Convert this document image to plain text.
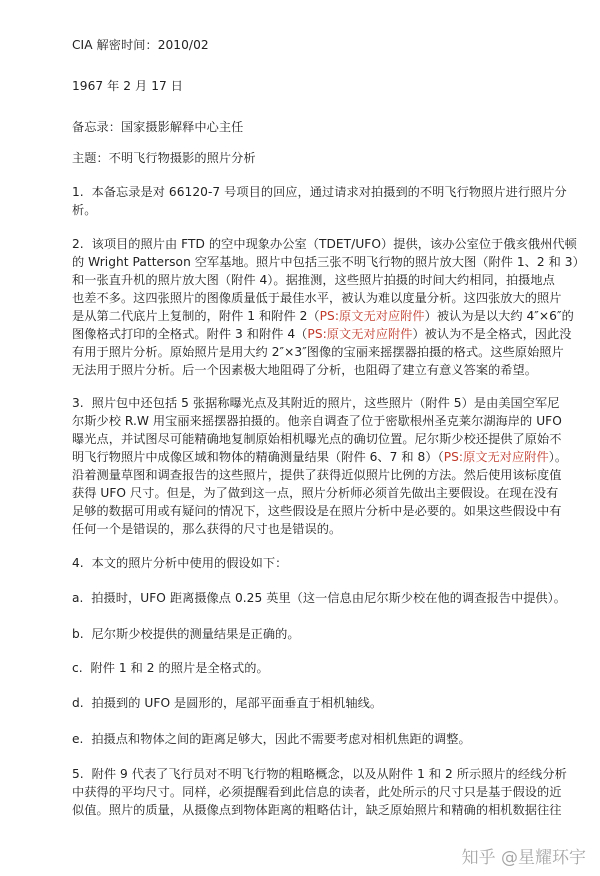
CIA 解密时间：2010/02
1967 年 2 月 17 日
备忘录：国家摄影解释中心主任
主题：不明飞行物摄影的照片分析
1.  本备忘录是对 66120-7 号项目的回应，通过请求对拍摄到的不明飞行物照片进行照片分
析。
2.  该项目的照片由 FTD 的空中现象办公室（TDET/UFO）提供，该办公室位于俄亥俄州代顿
的 Wright Patterson 空军基地。照片中包括三张不明飞行物的照片放大图（附件 1、2 和 3）
和一张直升机的照片放大图（附件 4）。据推测，这些照片拍摄的时间大约相同，拍摄地点
也差不多。这四张照片的图像质量低于最佳水平，被认为难以度量分析。这四张放大的照片
是从第二代底片上复制的，附件 1 和附件 2（PS:原文无对应附件）被认为是以大约 4″×6″的
图像格式打印的全格式。附件 3 和附件 4（PS:原文无对应附件）被认为不是全格式，因此没
有用于照片分析。原始照片是用大约 2″×3″图像的宝丽来摇摆器拍摄的格式。这些原始照片
无法用于照片分析。后一个因素极大地阻碍了分析，也阻碍了建立有意义答案的希望。
3.  照片包中还包括 5 张据称曝光点及其附近的照片，这些照片（附件 5）是由美国空军尼
尔斯少校 R.W 用宝丽来摇摆器拍摄的。他亲自调查了位于密歇根州圣克莱尔湖海岸的 UFO
曝光点，并试图尽可能精确地复制原始相机曝光点的确切位置。尼尔斯少校还提供了原始不
明飞行物照片中成像区域和物体的精确测量结果（附件 6、7 和 8）（PS:原文无对应附件）。
沿着测量草图和调查报告的这些照片，提供了获得近似照片比例的方法。然后使用该标度值
获得 UFO 尺寸。但是，为了做到这一点，照片分析师必须首先做出主要假设。在现在没有
足够的数据可用或有疑问的情况下，这些假设是在照片分析中是必要的。如果这些假设中有
任何一个是错误的，那么获得的尺寸也是错误的。
4.  本文的照片分析中使用的假设如下：
a.  拍摄时，UFO 距离摄像点 0.25 英里（这一信息由尼尔斯少校在他的调查报告中提供）。
b.  尼尔斯少校提供的测量结果是正确的。
c.  附件 1 和 2 的照片是全格式的。
d.  拍摄到的 UFO 是圆形的，尾部平面垂直于相机轴线。
e.  拍摄点和物体之间的距离足够大，因此不需要考虑对相机焦距的调整。
5.  附件 9 代表了飞行员对不明飞行物的粗略概念，以及从附件 1 和 2 所示照片的经线分析
中获得的平均尺寸。同样，必须提醒看到此信息的读者，此处所示的尺寸只是基于假设的近
似值。照片的质量，从摄像点到物体距离的粗略估计，缺乏原始照片和精确的相机数据往往
知乎 @星耀环宇
